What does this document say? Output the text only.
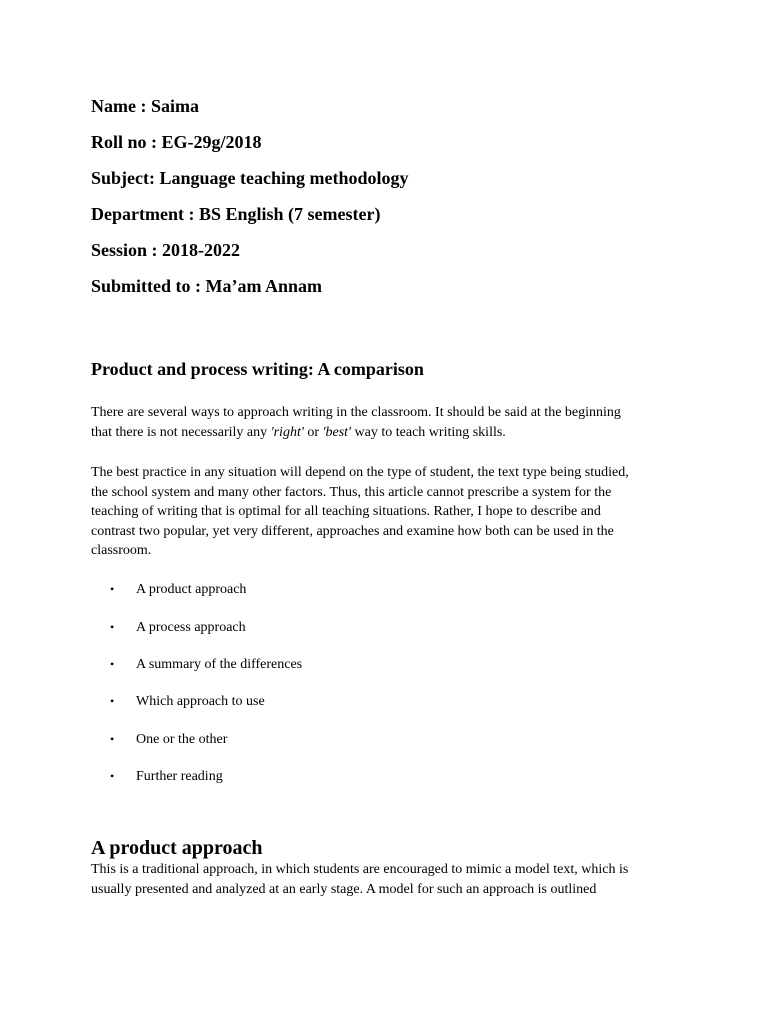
Name : Saima

Roll no : EG-29g/2018

Subject: Language teaching methodology

Department : BS English (7 semester)

Session : 2018-2022

Submitted to : Ma’am Annam

Product and process writing: A comparison
There are several ways to approach writing in the classroom. It should be said at the beginning
that there is not necessarily any 'right' or 'best' way to teach writing skills.
The best practice in any situation will depend on the type of student, the text type being studied,
the school system and many other factors. Thus, this article cannot prescribe a system for the
teaching of writing that is optimal for all teaching situations. Rather, I hope to describe and
contrast two popular, yet very different, approaches and examine how both can be used in the
classroom.

• A product approach

• A process approach

• A summary of the differences

• Which approach to use

• One or the other

• Further reading

A product approach
This is a traditional approach, in which students are encouraged to mimic a model text, which is
usually presented and analyzed at an early stage. A model for such an approach is outlined
